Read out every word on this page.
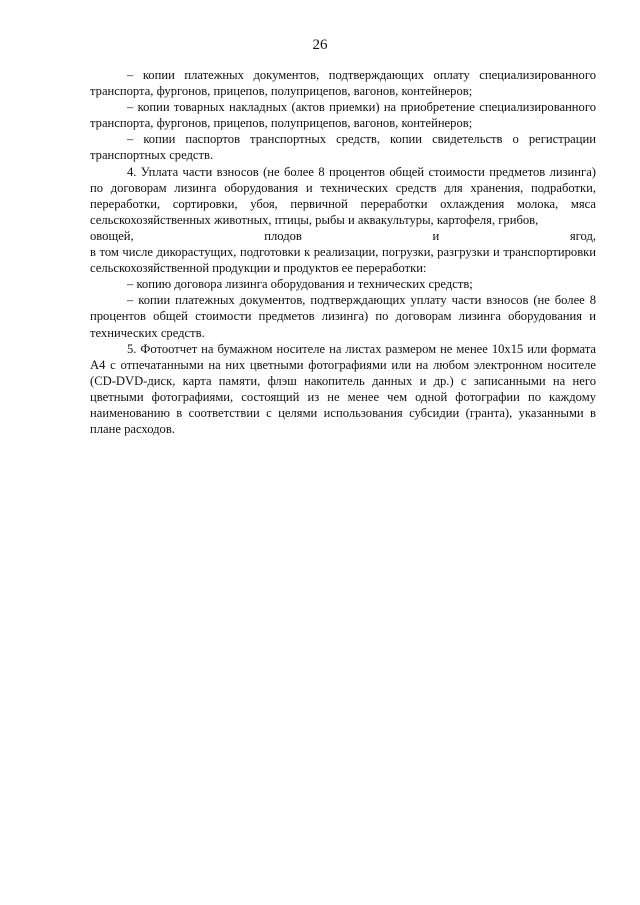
26

– копии платежных документов, подтверждающих оплату специализированного транспорта, фургонов, прицепов, полуприцепов, вагонов, контейнеров;

– копии товарных накладных (актов приемки) на приобретение специализированного транспорта, фургонов, прицепов, полуприцепов, вагонов, контейнеров;

– копии паспортов транспортных средств, копии свидетельств о регистрации транспортных средств.

4. Уплата части взносов (не более 8 процентов общей стоимости предметов лизинга) по договорам лизинга оборудования и технических средств для хранения, подработки, переработки, сортировки, убоя, первичной переработки охлаждения молока, мяса сельскохозяйственных животных, птицы, рыбы и аквакультуры, картофеля, грибов,

овощей, плодов и ягод,

в том числе дикорастущих, подготовки к реализации, погрузки, разгрузки и транспортировки сельскохозяйственной продукции и продуктов ее переработки:

– копию договора лизинга оборудования и технических средств;

– копии платежных документов, подтверждающих уплату части взносов (не более 8 процентов общей стоимости предметов лизинга) по договорам лизинга оборудования и технических средств.

5. Фотоотчет на бумажном носителе на листах размером не менее 10x15 или формата А4 с отпечатанными на них цветными фотографиями или на любом электронном носителе (CD-DVD-диск, карта памяти, флэш накопитель данных и др.) с записанными на него цветными фотографиями, состоящий из не менее чем одной фотографии по каждому наименованию в соответствии с целями использования субсидии (гранта), указанными в плане расходов.
